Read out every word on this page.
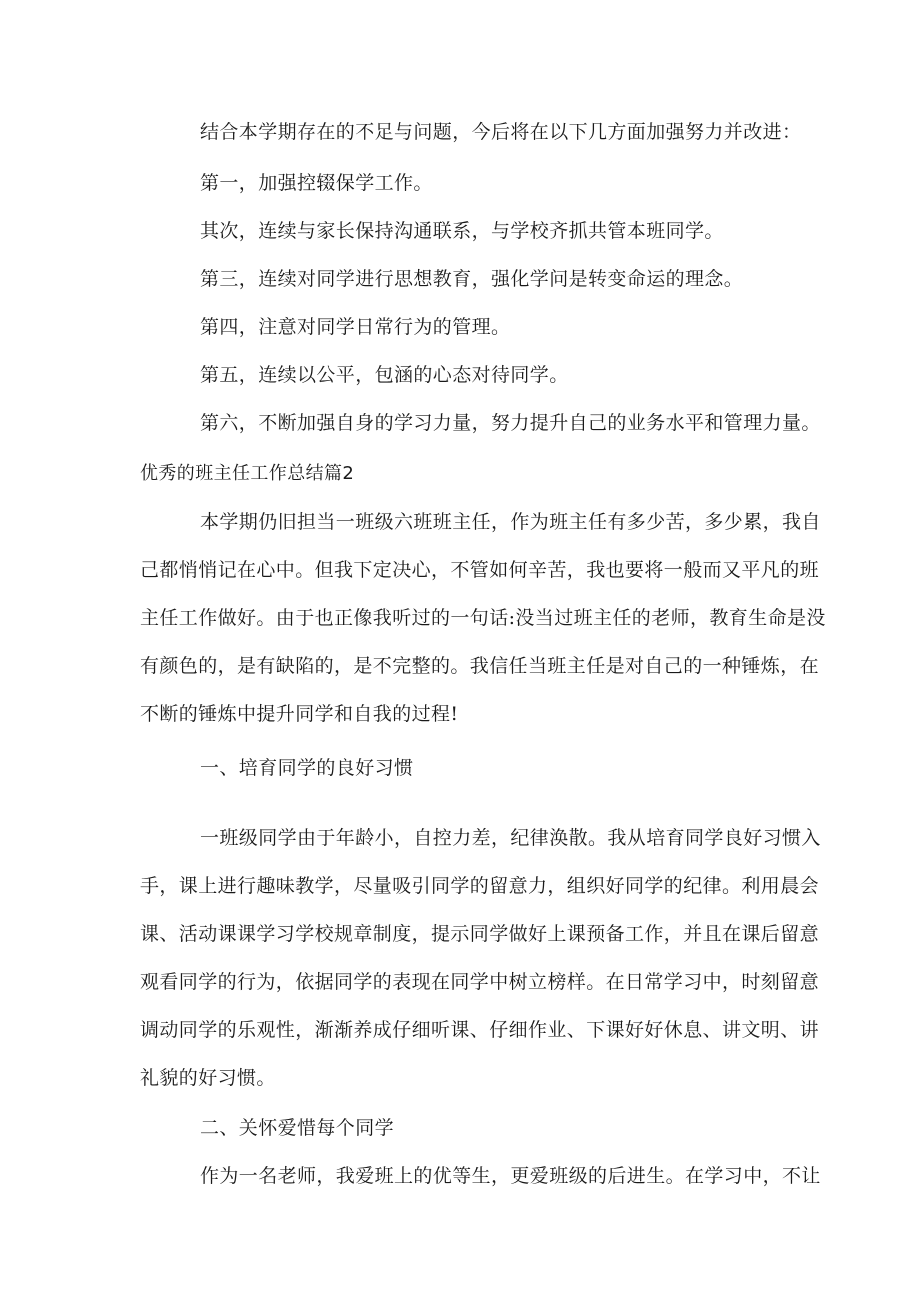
结合本学期存在的不足与问题，今后将在以下几方面加强努力并改进：
第一，加强控辍保学工作。
其次，连续与家长保持沟通联系，与学校齐抓共管本班同学。
第三，连续对同学进行思想教育，强化学问是转变命运的理念。
第四，注意对同学日常行为的管理。
第五，连续以公平，包涵的心态对待同学。
第六，不断加强自身的学习力量，努力提升自己的业务水平和管理力量。
优秀的班主任工作总结篇2
本学期仍旧担当一班级六班班主任，作为班主任有多少苦，多少累，我自
己都悄悄记在心中。但我下定决心，不管如何辛苦，我也要将一般而又平凡的班
主任工作做好。由于也正像我听过的一句话:没当过班主任的老师，教育生命是没
有颜色的，是有缺陷的，是不完整的。我信任当班主任是对自己的一种锤炼，在
不断的锤炼中提升同学和自我的过程!
一、培育同学的良好习惯
一班级同学由于年龄小，自控力差，纪律涣散。我从培育同学良好习惯入
手，课上进行趣味教学，尽量吸引同学的留意力，组织好同学的纪律。利用晨会
课、活动课课学习学校规章制度，提示同学做好上课预备工作，并且在课后留意
观看同学的行为，依据同学的表现在同学中树立榜样。在日常学习中，时刻留意
调动同学的乐观性，渐渐养成仔细听课、仔细作业、下课好好休息、讲文明、讲
礼貌的好习惯。
二、关怀爱惜每个同学
作为一名老师，我爱班上的优等生，更爱班级的后进生。在学习中，不让
